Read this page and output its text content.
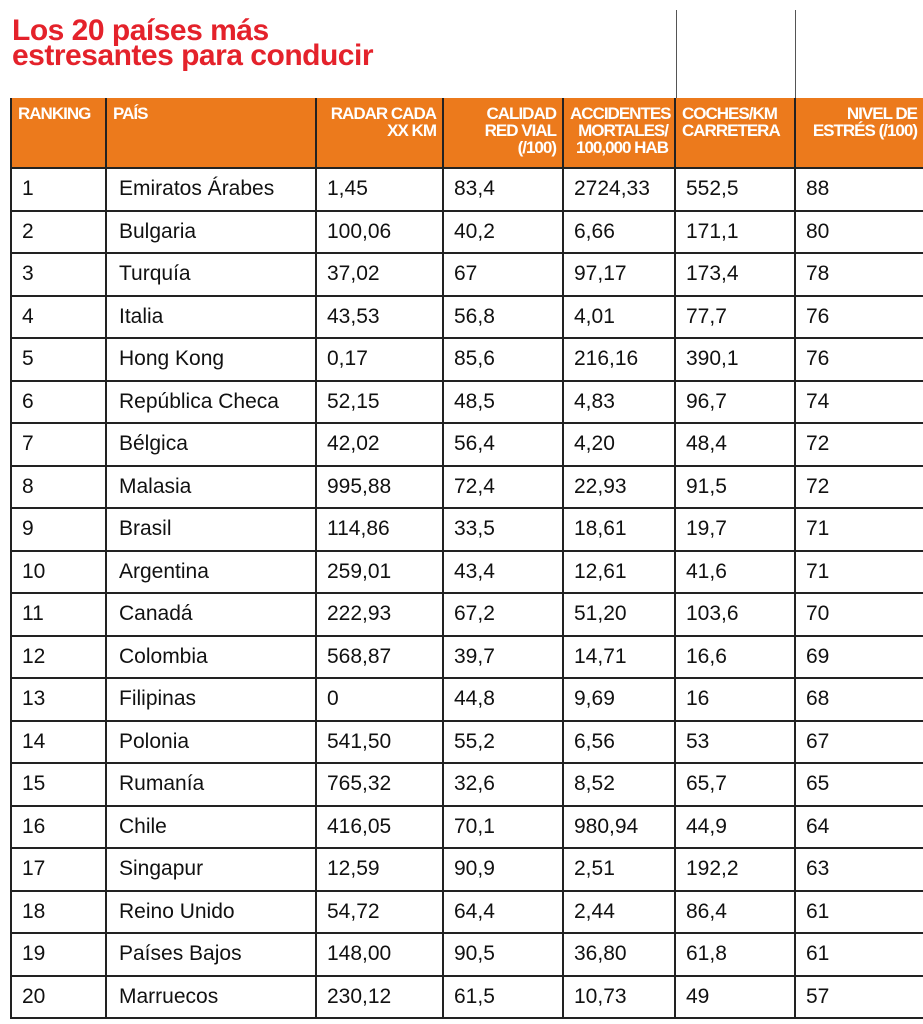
Los 20 países más
estresantes para conducir
RANKING	PAÍS	RADAR CADA XX KM	CALIDAD RED VIAL (/100)	ACCIDENTES MORTALES/ 100,000 HAB	COCHES/KM CARRETERA	NIVEL DE ESTRÉS (/100)
1	Emiratos Árabes	1,45	83,4	2724,33	552,5	88
2	Bulgaria	100,06	40,2	6,66	171,1	80
3	Turquía	37,02	67	97,17	173,4	78
4	Italia	43,53	56,8	4,01	77,7	76
5	Hong Kong	0,17	85,6	216,16	390,1	76
6	República Checa	52,15	48,5	4,83	96,7	74
7	Bélgica	42,02	56,4	4,20	48,4	72
8	Malasia	995,88	72,4	22,93	91,5	72
9	Brasil	114,86	33,5	18,61	19,7	71
10	Argentina	259,01	43,4	12,61	41,6	71
11	Canadá	222,93	67,2	51,20	103,6	70
12	Colombia	568,87	39,7	14,71	16,6	69
13	Filipinas	0	44,8	9,69	16	68
14	Polonia	541,50	55,2	6,56	53	67
15	Rumanía	765,32	32,6	8,52	65,7	65
16	Chile	416,05	70,1	980,94	44,9	64
17	Singapur	12,59	90,9	2,51	192,2	63
18	Reino Unido	54,72	64,4	2,44	86,4	61
19	Países Bajos	148,00	90,5	36,80	61,8	61
20	Marruecos	230,12	61,5	10,73	49	57
